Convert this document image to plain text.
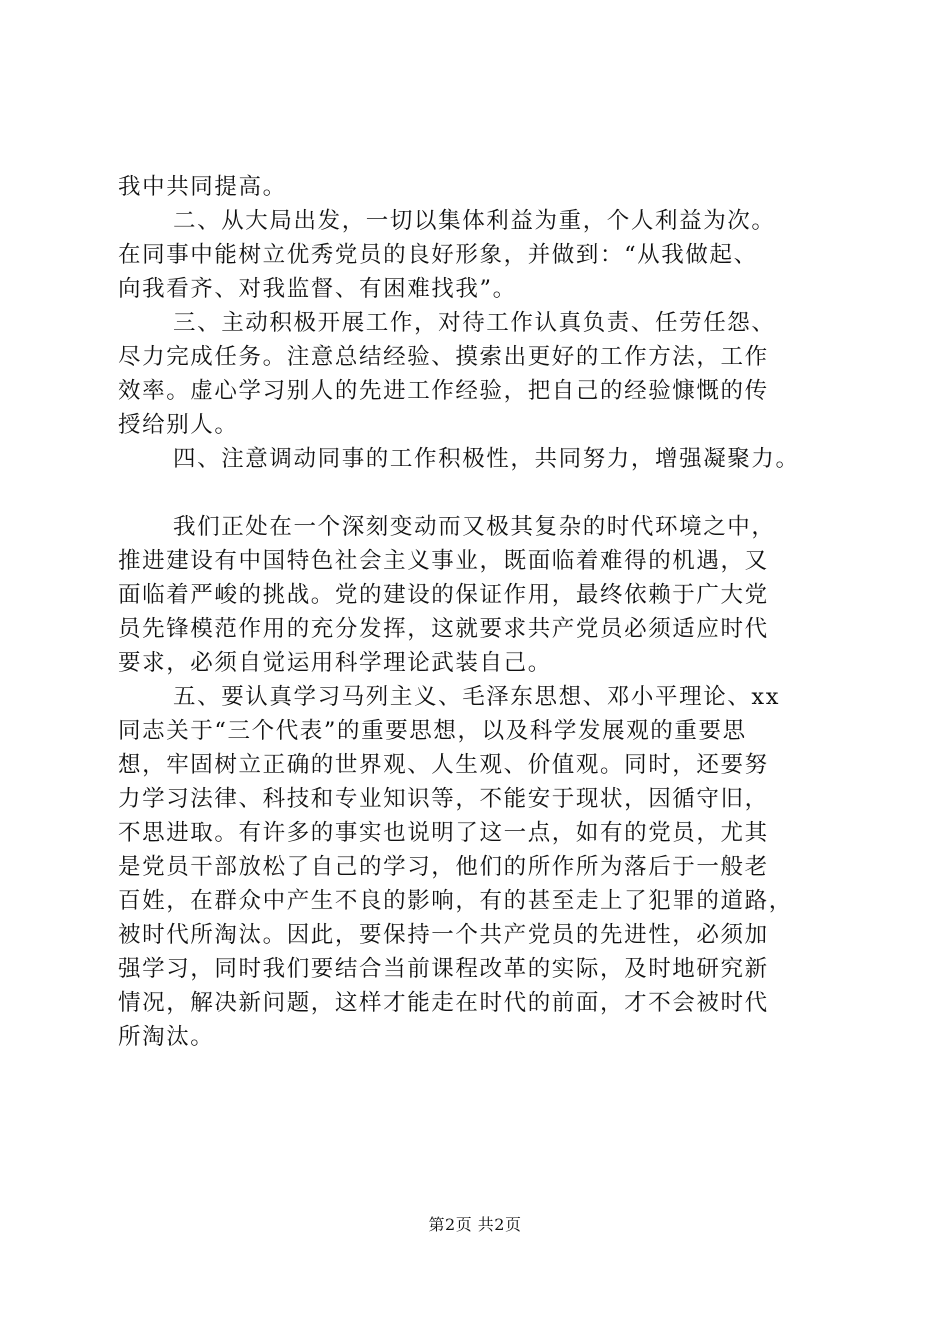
我中共同提高。
二、从大局出发，一切以集体利益为重，个人利益为次。
在同事中能树立优秀党员的良好形象，并做到：“从我做起、
向我看齐、对我监督、有困难找我”。
三、主动积极开展工作，对待工作认真负责、任劳任怨、
尽力完成任务。注意总结经验、摸索出更好的工作方法，工作
效率。虚心学习别人的先进工作经验，把自己的经验慷慨的传
授给别人。
四、注意调动同事的工作积极性，共同努力，增强凝聚力。
我们正处在一个深刻变动而又极其复杂的时代环境之中，
推进建设有中国特色社会主义事业，既面临着难得的机遇，又
面临着严峻的挑战。党的建设的保证作用，最终依赖于广大党
员先锋模范作用的充分发挥，这就要求共产党员必须适应时代
要求，必须自觉运用科学理论武装自己。
五、要认真学习马列主义、毛泽东思想、邓小平理论、xx
同志关于“三个代表”的重要思想，以及科学发展观的重要思
想，牢固树立正确的世界观、人生观、价值观。同时，还要努
力学习法律、科技和专业知识等，不能安于现状，因循守旧，
不思进取。有许多的事实也说明了这一点，如有的党员，尤其
是党员干部放松了自己的学习，他们的所作所为落后于一般老
百姓，在群众中产生不良的影响，有的甚至走上了犯罪的道路，
被时代所淘汰。因此，要保持一个共产党员的先进性，必须加
强学习，同时我们要结合当前课程改革的实际，及时地研究新
情况，解决新问题，这样才能走在时代的前面，才不会被时代
所淘汰。
第2页 共2页
